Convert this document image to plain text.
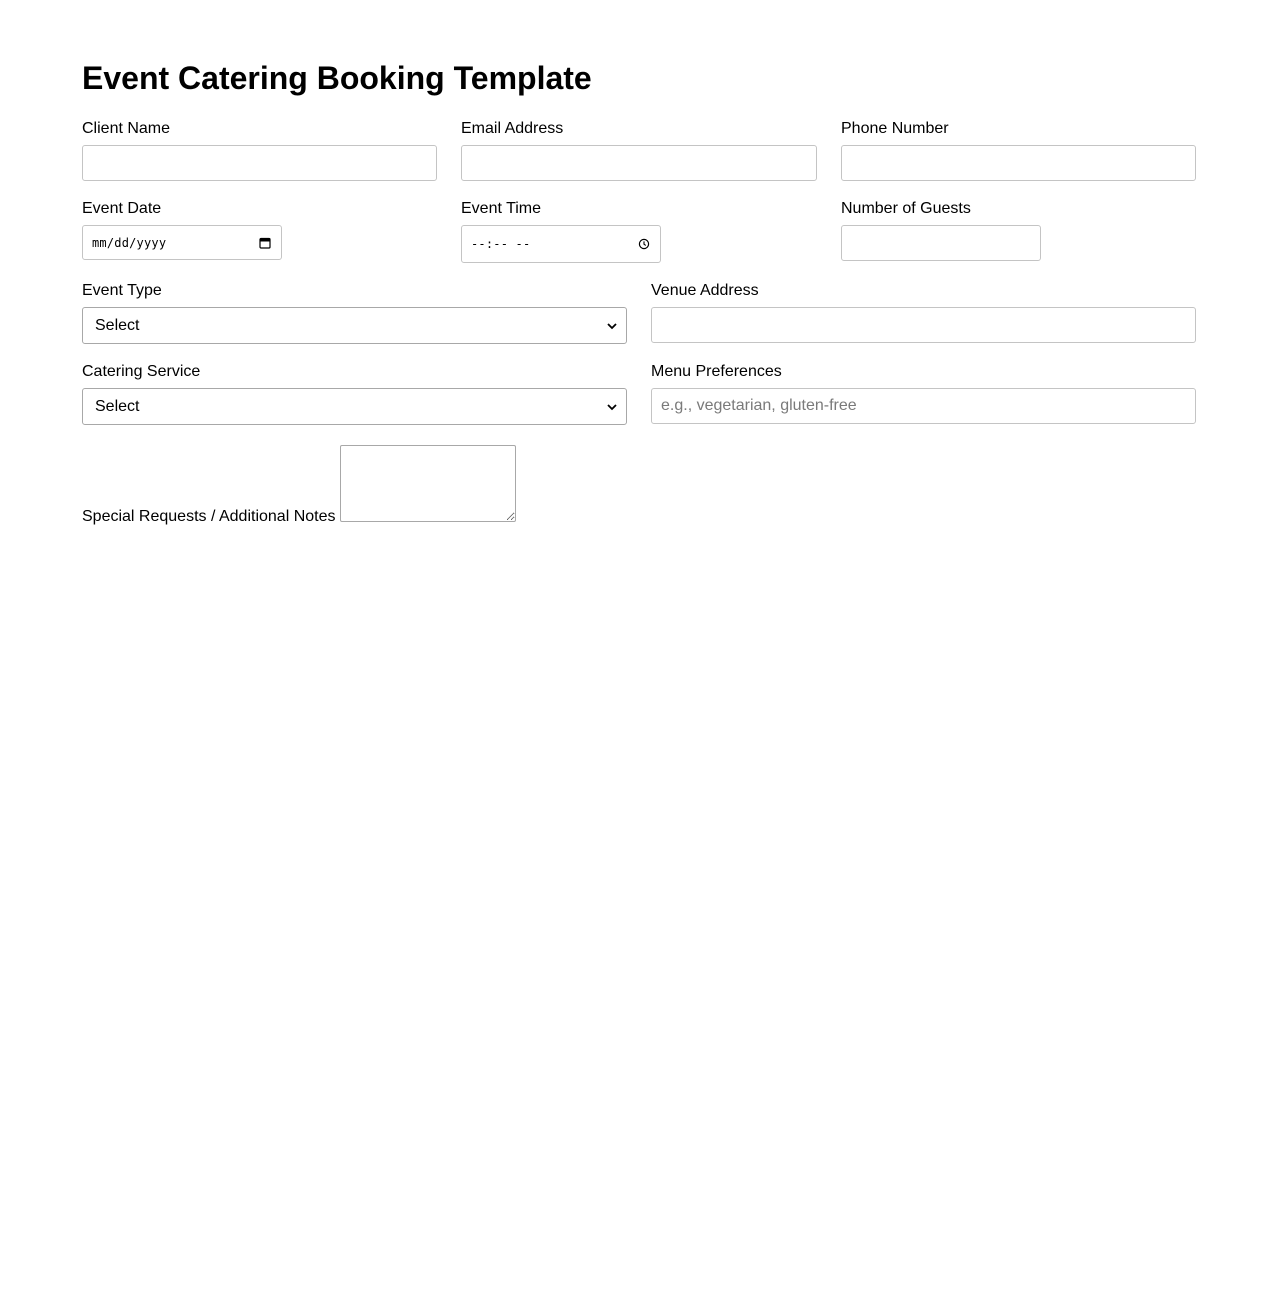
Event Catering Booking Template
Client Name	Email Address	Phone Number
Event Date
mm/dd/yyyy
Event Time
--:-- --
Number of Guests
Event Type
Select
Venue Address
Catering Service
Select
Menu Preferences
e.g., vegetarian, gluten-free
Special Requests / Additional Notes
